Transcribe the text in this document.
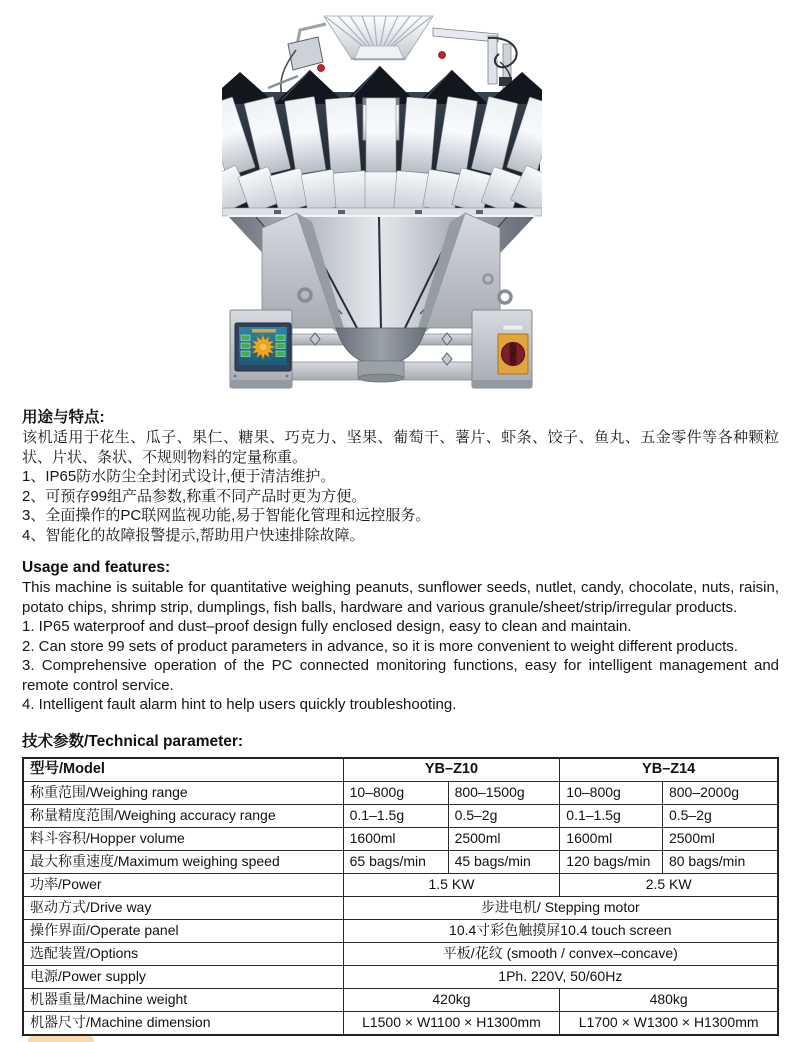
用途与特点:
该机适用于花生、瓜子、果仁、糖果、巧克力、坚果、葡萄干、薯片、虾条、饺子、鱼丸、五金零件等各种颗粒
状、片状、条状、不规则物料的定量称重。
1、IP65防水防尘全封闭式设计,便于清洁维护。
2、可预存99组产品参数,称重不同产品时更为方便。
3、全面操作的PC联网监视功能,易于智能化管理和远控服务。
4、智能化的故障报警提示,帮助用户快速排除故障。
Usage and features:
This machine is suitable for quantitative weighing peanuts, sunflower seeds, nutlet, candy, chocolate, nuts, raisin,
potato chips, shrimp strip, dumplings, fish balls, hardware and various granule/sheet/strip/irregular products.
1. IP65 waterproof and dust–proof design fully enclosed design, easy to clean and maintain.
2. Can store 99 sets of product parameters in advance, so it is more convenient to weight different products.
3. Comprehensive operation of the PC connected monitoring functions, easy for intelligent management and
remote control service.
4. Intelligent fault alarm hint to help users quickly troubleshooting.
技术参数/Technical parameter:
型号/Model	YB–Z10		YB–Z14	
称重范围/Weighing range	10–800g	800–1500g	10–800g	800–2000g
称量精度范围/Weighing accuracy range	0.1–1.5g	0.5–2g	0.1–1.5g	0.5–2g
料斗容积/Hopper volume	1600ml	2500ml	1600ml	2500ml
最大称重速度/Maximum weighing speed	65 bags/min	45 bags/min	120 bags/min	80 bags/min
功率/Power	1.5 KW		2.5 KW	
驱动方式/Drive way	步进电机/ Stepping motor			
操作界面/Operate panel	10.4寸彩色触摸屏10.4 touch screen			
选配装置/Options	平板/花纹 (smooth / convex–concave)			
电源/Power supply	1Ph. 220V, 50/60Hz			
机器重量/Machine weight	420kg		480kg	
机器尺寸/Machine dimension	L1500 × W1100 × H1300mm		L1700 × W1300 × H1300mm	
